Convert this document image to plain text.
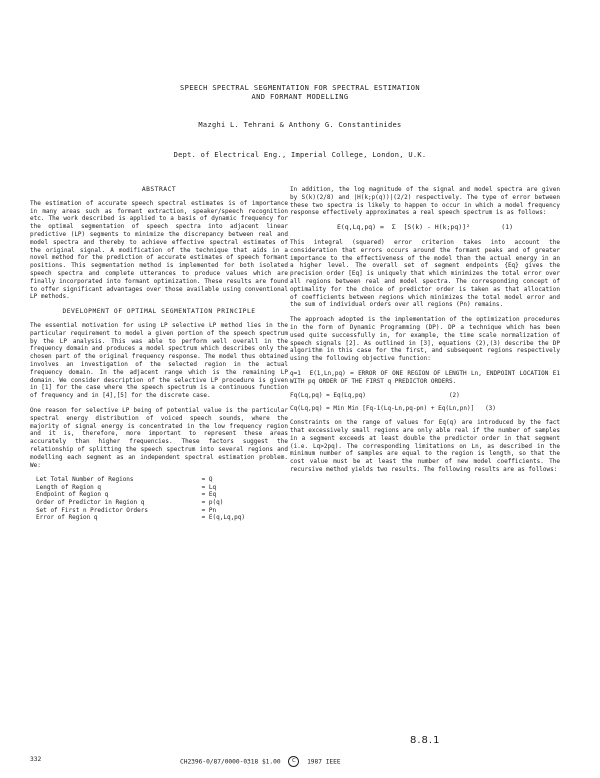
SPEECH SPECTRAL SEGMENTATION FOR SPECTRAL ESTIMATION
AND FORMANT MODELLING
Mazghi L. Tehrani & Anthony G. Constantinides
Dept. of Electrical Eng., Imperial College, London, U.K.
ABSTRACT
The estimation of accurate speech spectral estimates is of importance in many areas such as formant extraction, speaker/speech recognition etc. The work described is applied to a basis of dynamic frequency for the optimal segmentation of speech spectra into adjacent linear predictive (LP) segments to minimize the discrepancy between real and model spectra and thereby to achieve effective spectral estimates of the original signal. A modification of the technique that aids in a novel method for the prediction of accurate estimates of speech formant positions. This segmentation method is implemented for both isolated speech spectra and complete utterances to produce values which are finally incorporated into formant optimization. These results are found to offer significant advantages over those available using conventional LP methods.
DEVELOPMENT OF OPTIMAL SEGMENTATION PRINCIPLE
The essential motivation for using LP selective LP method lies in the particular requirement to model a given portion of the speech spectrum by the LP analysis. This was able to perform well overall in the frequency domain and produces a model spectrum which describes only the chosen part of the original frequency response. The model thus obtained involves an investigation of the selected region in the actual frequency domain. In the adjacent range which is the remaining LP domain. We consider description of the selective LP procedure is given in [1] for the case where the speech spectrum is a continuous function of frequency and in [4],[5] for the discrete case.
One reason for selective LP being of potential value is the particular spectral energy distribution of voiced speech sounds, where the majority of signal energy is concentrated in the low frequency region and it is, therefore, more important to represent these areas accurately than higher frequencies. These factors suggest the relationship of splitting the speech spectrum into several regions and modelling each segment as an independent spectral estimation problem. We:
Let Total Number of Regions	= Q
Length of Region q	= Lq
Endpoint of Region q	= Eq
Order of Predictor in Region q	= p(q)
Set of First n Predictor Orders	= Pn
Error of Region q	= E(q,Lq,pq)
In addition, the log magnitude of the signal and model spectra are given by S(k)(2/8) and |H(k;p(q))|(2/2) respectively. The type of error between these two spectra is likely to happen to occur in which a model frequency response effectively approximates a real speech spectrum is as follows:
E(q,Lq,pq) =  Σ  [S(k) - H(k;pq)]²        (1)
This integral (squared) error criterion takes into account the consideration that errors occurs around the formant peaks and of greater importance to the effectiveness of the model than the actual energy in an a higher level. The overall set of segment endpoints {Eq} gives the precision order [Eq] is uniquely that which minimizes the total error over all regions between real and model spectra. The corresponding concept of optimality for the choice of predictor order is taken as that allocation of coefficients between regions which minimizes the total model error and the sum of individual orders over all regions (Pn) remains.
The approach adopted is the implementation of the optimization procedures in the form of Dynamic Programming (DP). DP a technique which has been used quite successfully in, for example, the time scale normalization of speech signals [2]. As outlined in [3], equations (2),(3) describe the DP algorithm in this case for the first, and subsequent regions respectively using the following objective function:
q=1  E(1,Ln,pq) = ERROR OF ONE REGION OF LENGTH Ln, ENDPOINT LOCATION E1 WITH pq ORDER OF THE FIRST q PREDICTOR ORDERS.
Fq(Lq,pq) = Eq(Lq,pq)                       (2)
Cq(Lq,pq) = Min Min [Fq-1(Lq-Ln,pq-pn) + Eq(Ln,pn)]   (3)
Constraints on the range of values for Eq(q) are introduced by the fact that excessively small regions are only able real if the number of samples in a segment exceeds at least double the predictor order in that segment (i.e. Lq>2pq). The corresponding limitations on Ln, as described in the minimum number of samples are equal to the region is length, so that the cost value must be at least the number of new model coefficients. The recursive method yields two results. The following results are as follows:
8.8.1
332	CH2396-0/87/0000-0318 $1.00 C 1987 IEEE
